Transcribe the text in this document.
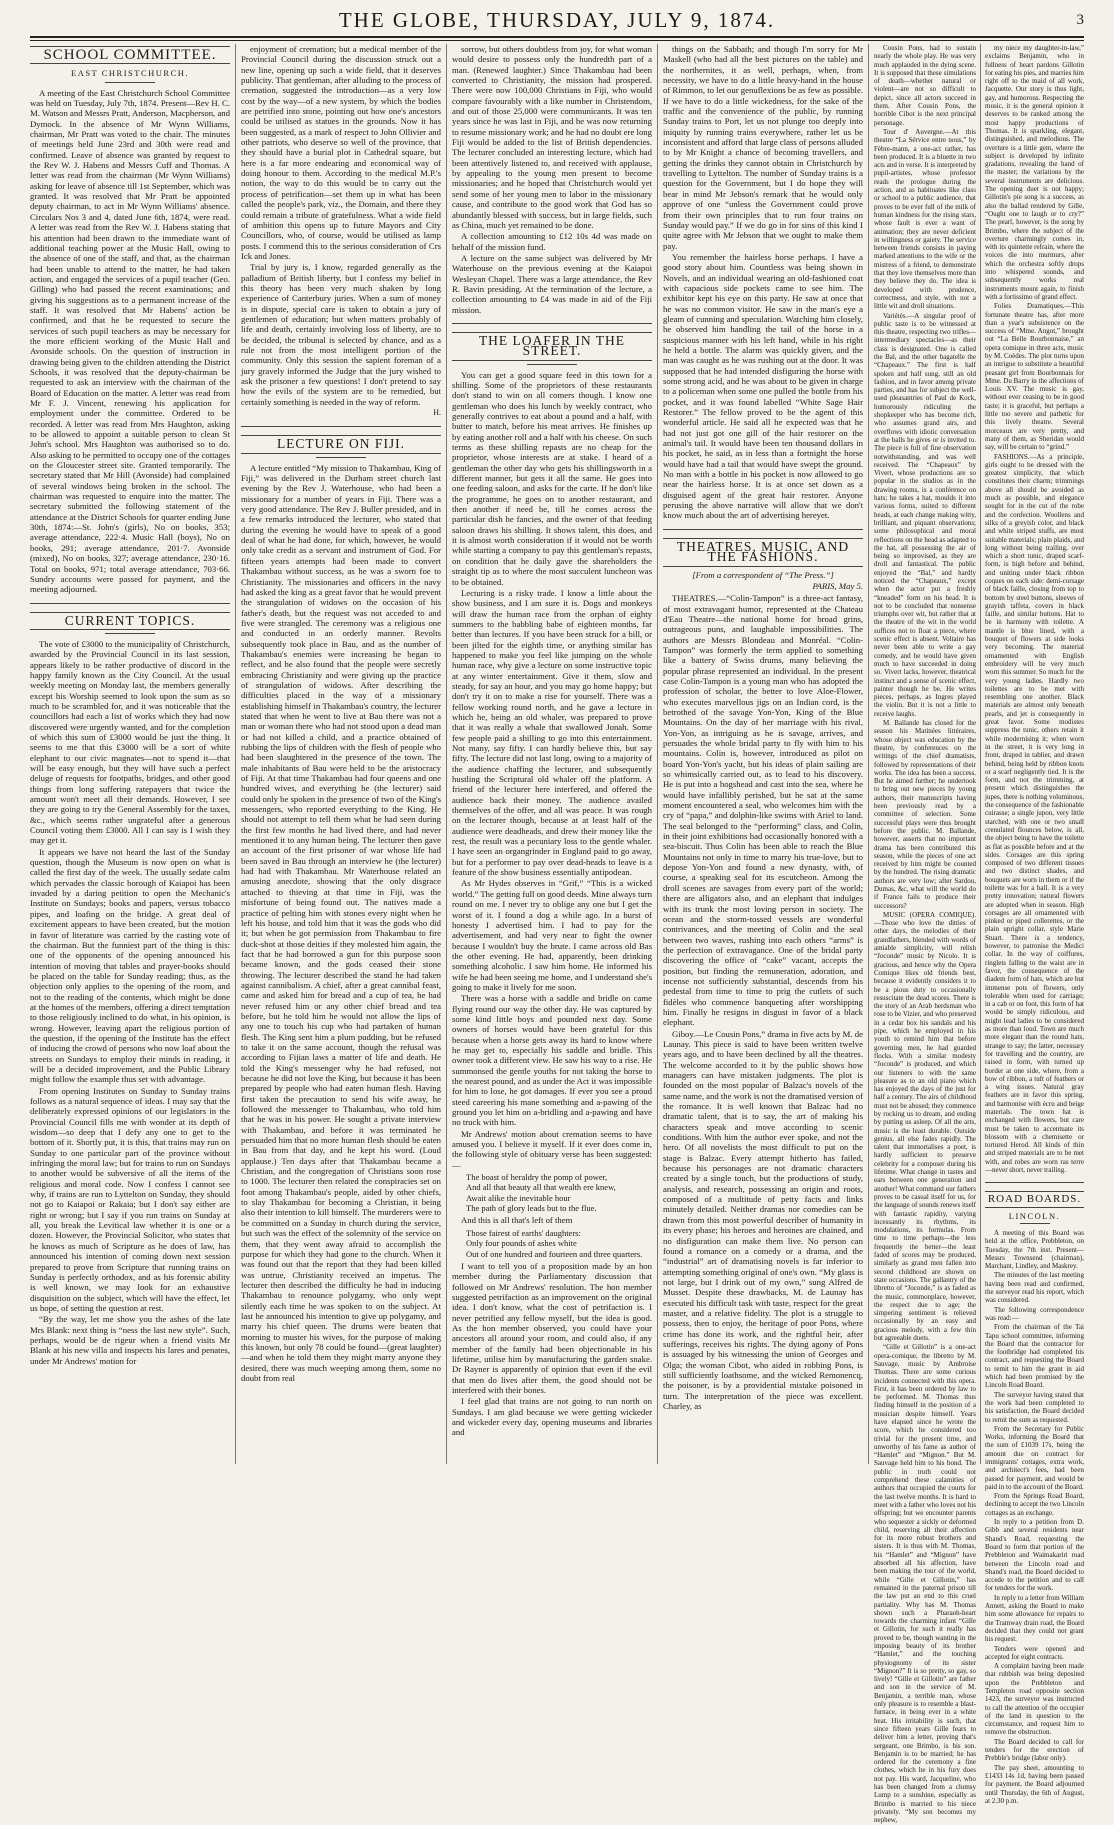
THE GLOBE, THURSDAY, JULY 9, 1874.	3
SCHOOL COMMITTEE.
EAST CHRISTCHURCH.

A meeting of the East Christchurch School Committee was held on Tuesday, July 7th, 1874. Present—Rev H. C. M. Watson and Messrs Pratt, Anderson, Macpherson, and Dymock. In the absence of Mr Wynn Williams, chairman, Mr Pratt was voted to the chair. The minutes of meetings held June 23rd and 30th were read and confirmed. Leave of absence was granted by request to the Rev W. J. Habens and Messrs Cuff and Thomas. A letter was read from the chairman (Mr Wynn Williams) asking for leave of absence till 1st September, which was granted. It was resolved that Mr Pratt be appointed deputy chairman, to act in Mr Wynn Williams' absence. Circulars Nos 3 and 4, dated June 6th, 1874, were read. A letter was read from the Rev W. J. Habens stating that his attention had been drawn to the immediate want of additional teaching power at the Music Hall, owing to the absence of one of the staff, and that, as the chairman had been unable to attend to the matter, he had taken action, and engaged the services of a pupil teacher (Geo. Gilling) who had passed the recent examinations; and giving his suggestions as to a permanent increase of the staff. It was resolved that Mr Habens' action be confirmed, and that he be requested to secure the services of such pupil teachers as may be necessary for the more efficient working of the Music Hall and Avonside schools. On the question of instruction in drawing being given to the children attending the District Schools, it was resolved that the deputy-chairman be requested to ask an interview with the chairman of the Board of Education on the matter. A letter was read from Mr F. J. Vincent, renewing his application for employment under the committee. Ordered to be recorded. A letter was read from Mrs Haughton, asking to be allowed to appoint a suitable person to clean St John's school. Mrs Haughton was authorised so to do. Also asking to be permitted to occupy one of the cottages on the Gloucester street site. Granted temporarily. The secretary stated that Mr Hill (Avonside) had complained of several windows being broken in the school. The chairman was requested to enquire into the matter. The secretary submitted the following statement of the attendance at the District Schools for quarter ending June 30th, 1874:—St. John's (girls), No on books, 353; average attendance, 222·4. Music Hall (boys), No on books, 291; average attendance, 201·7. Avonside (mixed), No on books, 327; average attendance, 230·16. Total on books, 971; total average attendance, 703·66. Sundry accounts were passed for payment, and the meeting adjourned.

CURRENT TOPICS.

The vote of £3000 to the municipality of Christchurch, awarded by the Provincial Council in its last session, appears likely to be rather productive of discord in the happy family known as the City Council. At the usual weekly meeting on Monday last, the members generally except his Worship seemed to look upon the sum as so much to be scrambled for, and it was noticeable that the councillors had each a list of works which they had now discovered were urgently wanted, and for the completion of which this sum of £3000 would be just the thing. It seems to me that this £3000 will be a sort of white elephant to our civic magnates—not to spend it—that will be easy enough, but they will have such a perfect deluge of requests for footpaths, bridges, and other good things from long suffering ratepayers that twice the amount won't meet all their demands. However, I see they are going to try the General Assembly for the taxes, &c., which seems rather ungrateful after a generous Council voting them £3000. All I can say is I wish they may get it.

It appears we have not heard the last of the Sunday question, though the Museum is now open on what is called the first day of the week. The usually sedate calm which pervades the classic borough of Kaiapoi has been invaded by a daring petition to open the Mechanic's Institute on Sundays; books and papers, versus tobacco pipes, and loafing on the bridge. A great deal of excitement appears to have been created, but the motion in favor of literature was carried by the casting vote of the chairman. But the funniest part of the thing is this: one of the opponents of the opening announced his intention of moving that tables and prayer-books should be placed on the table for Sunday reading; thus, as the objection only applies to the opening of the room, and not to the reading of the contents, which might be done at the homes of the members, offering a direct temptation to those religiously inclined to do what, in his opinion, is wrong. However, leaving apart the religious portion of the question, if the opening of the Institute has the effect of inducing the crowd of persons who now loaf about the streets on Sundays to employ their minds in reading, it will be a decided improvement, and the Public Library might follow the example thus set with advantage.

From opening Institutes on Sunday to Sunday trains follows as a natural sequence of ideas. I may say that the deliberately expressed opinions of our legislators in the Provincial Council fills me with wonder at its depth of wisdom—so deep that I defy any one to get to the bottom of it. Shortly put, it is this, that trains may run on Sunday to one particular part of the province without infringing the moral law; but for trains to run on Sundays to another would be subversive of all the items of the religious and moral code. Now I confess I cannot see why, if trains are run to Lyttelton on Sunday, they should not go to Kaiapoi or Rakaia; but I don't say either are right or wrong; but I say if you run trains on Sunday at all, you break the Levitical law whether it is one or a dozen. However, the Provincial Solicitor, who states that he knows as much of Scripture as he does of law, has announced his intention of coming down next session prepared to prove from Scripture that running trains on Sunday is perfectly orthodox, and as his forensic ability is well known, we may look for an exhaustive disquisition on the subject, which will have the effect, let us hope, of setting the question at rest.

“By the way, let me show you the ashes of the late Mrs Blank: next thing is “ness the last new style”. Such, perhaps, would be de rigeur when a friend visits Mr Blank at his new villa and inspects his lares and penates, under Mr Andrews' motion for

enjoyment of cremation; but a medical member of the Provincial Council during the discussion struck out a new line, opening up such a wide field, that it deserves publicity. That gentleman, after alluding to the process of cremation, suggested the introduction—as a very low cost by the way—of a new system, by which the bodies are petrified into stone, pointing out how one's ancestors could be utilised as statues in the grounds. Now it has been suggested, as a mark of respect to John Ollivier and other patriots, who deserve so well of the province, that they should have a burial plot in Cathedral square, but here is a far more endearing and economical way of doing honour to them. According to the medical M.P.'s notion, the way to do this would be to carry out the process of petrification—set them up in what has been called the people's park, viz., the Domain, and there they could remain a tribute of gratefulness. What a wide field of ambition this opens up to future Mayors and City Councillors, who, of course, would be utilised as lamp posts. I commend this to the serious consideration of Crs Ick and Jones.

Trial by jury is, I know, regarded generally as the palladium of British liberty, but I confess my belief in this theory has been very much shaken by long experience of Canterbury juries. When a sum of money is in dispute, special care is taken to obtain a jury of gentlemen of education; but when matters probably of life and death, certainly involving loss of liberty, are to be decided, the tribunal is selected by chance, and as a rule not from the most intelligent portion of the community. Only this session the sapient foreman of a jury gravely informed the Judge that the jury wished to ask the prisoner a few questions! I don't pretend to say how the evils of the system are to be remedied, but certainly something is needed in the way of reform.

H.
LECTURE ON FIJI.

A lecture entitled “My mission to Thakambau, King of Fiji,” was delivered in the Durham street church last evening by the Rev J. Waterhouse, who had been a missionary for a number of years in Fiji. There was a very good attendance. The Rev J. Buller presided, and in a few remarks introduced the lecturer, who stated that during the evening he would have to speak of a good deal of what he had done, for which, however, he would only take credit as a servant and instrument of God. For fifteen years attempts had been made to convert Thakambau without success, as he was a sworn foe to Christianity. The missionaries and officers in the navy had asked the king as a great favor that he would prevent the strangulation of widows on the occasion of his father's death, but the request was not acceded to and five were strangled. The ceremony was a religious one and conducted in an orderly manner. Revolts subsequently took place in Bau, and as the number of Thakambau's enemies were increasing he began to reflect, and he also found that the people were secretly embracing Christianity and were giving up the practice of strangulation of widows. After describing the difficulties placed in the way of a missionary establishing himself in Thakambau's country, the lecturer stated that when he went to live at Bau there was not a man or woman there who had not stood upon a dead man or had not killed a child, and a practice obtained of rubbing the lips of children with the flesh of people who had been slaughtered in the presence of the town. The male inhabitants of Bau were held to be the aristocracy of Fiji. At that time Thakambau had four queens and one hundred wives, and everything he (the lecturer) said could only be spoken in the presence of two of the King's messengers, who reported everything to the King. He should not attempt to tell them what he had seen during the first few months he had lived there, and had never mentioned it to any human being. The lecturer then gave an account of the first prisoner of war whose life had been saved in Bau through an interview he (the lecturer) had had with Thakambau. Mr Waterhouse related an amusing anecdote, showing that the only disgrace attached to thieving at that time in Fiji, was the misfortune of being found out. The natives made a practice of pelting him with stones every night when he left his house, and told him that it was the gods who did it; but when he got permission from Thakambau to fire duck-shot at those deities if they molested him again, the fact that he had borrowed a gun for this purpose soon became known, and the gods ceased their stone throwing. The lecturer described the stand he had taken against cannibalism. A chief, after a great cannibal feast, came and asked him for bread and a cup of tea, he had never refused him or any other chief bread and tea before, but he told him he would not allow the lips of any one to touch his cup who had partaken of human flesh. The King sent him a plum pudding, but he refused to take it on the same account, though the refusal was according to Fijian laws a matter of life and death. He told the King's messenger why he had refused, not because he did not love the King, but because it has been prepared by people who had eaten human flesh. Having first taken the precaution to send his wife away, he followed the messenger to Thakambau, who told him that he was in his power. He sought a private interview with Thakambau, and before it was terminated he persuaded him that no more human flesh should be eaten in Bau from that day, and he kept his word. (Loud applause.) Ten days after that Thakambau became a Christian, and the congregation of Christians soon rose to 1000. The lecturer then related the conspiracies set on foot among Thakambau's people, aided by other chiefs, to slay Thakambau for becoming a Christian, it being also their intention to kill himself. The murderers were to be committed on a Sunday in church during the service, but such was the effect of the solemnity of the service on them, that they went away afraid to accomplish the purpose for which they had gone to the church. When it was found out that the report that they had been killed was untrue, Christianity received an impetus. The lecturer then described the difficulty he had in inducing Thakambau to renounce polygamy, who only wept silently each time he was spoken to on the subject. At last he announced his intention to give up polygamy, and marry his chief queen. The drums were beaten that morning to muster his wives, for the purpose of making this known, but only 78 could be found—(great laughter)—and when he told them they might marry anyone they desired, there was much weeping among them, some no doubt from real

sorrow, but others doubtless from joy, for what woman would desire to possess only the hundredth part of a man. (Renewed laughter.) Since Thakambau had been converted to Christianity, the mission had prospered. There were now 100,000 Christians in Fiji, who would compare favourably with a like number in Christendom, and out of those 25,000 were communicants. It was ten years since he was last in Fiji, and he was now returning to resume missionary work; and he had no doubt ere long Fiji would be added to the list of British dependencies. The lecturer concluded an interesting lecture, which had been attentively listened to, and received with applause, by appealing to the young men present to become missionaries; and he hoped that Christchurch would yet send some of her young men to labor in the missionary cause, and contribute to the good work that God has so abundantly blessed with success, but in large fields, such as China, much yet remained to be done.

A collection amounting to £12 10s 4d was made on behalf of the mission fund.

A lecture on the same subject was delivered by Mr Waterhouse on the previous evening at the Kaiapoi Wesleyan Chapel. There was a large attendance, the Rev R. Bavin presiding. At the termination of the lecture, a collection amounting to £4 was made in aid of the Fiji mission.

THE LOAFER IN THE STREET.

You can get a good square feed in this town for a shilling. Some of the proprietors of these restaurants don't stand to win on all comers though. I know one gentleman who does his lunch by weekly contract, who generally contrives to eat about a pound and a half, with butter to match, before his meat arrives. He finishes up by eating another roll and a half with his cheese. On such terms as these shilling repasts are no cheap for the proprietor, whose interests are at stake. I heard of a gentleman the other day who gets his shillingsworth in a different manner, but gets it all the same. He goes into one feeding saloon, and asks for the carte. If he don't like the programme, he goes on to another restaurant, and then another if need be, till he comes across the particular dish he fancies, and the owner of that feeding saloon draws his shilling. It shows talent, this does, and it is almost worth consideration if it would not be worth while starting a company to pay this gentleman's repasts, on condition that he daily gave the shareholders the straight tip as to where the most succulent luncheon was to be obtained.

Lecturing is a risky trade. I know a little about the show business, and I am sure it is. Dogs and monkeys will draw the human race from the orphan of eighty summers to the babbling babe of eighteen months, far better than lectures. If you have been struck for a bill, or been jilted for the eighth time, or anything similar has happened to make you feel like jumping on the whole human race, why give a lecture on some instructive topic at any winter entertainment. Give it them, slow and steady, for say an hour, and you may go home happy; but don't try it on to make a rise for yourself. There was a fellow working round north, and he gave a lecture in which he, being an old whaler, was prepared to prove that it was really a whale that swallowed Jonah. Some few people paid a shilling to go into this entertainment. Not many, say fifty. I can hardly believe this, but say fifty. The lecture did not last long, owing to a majority of the audience chaffing the lecturer, and subsequently hustling the Scriptural old whaler off the platform. A friend of the lecturer here interfered, and offered the audience back their money. The audience availed themselves of the offer, and all was peace. It was rough on the lecturer though, because at at least half of the audience were deadheads, and drew their money like the rest, the result was a pecuniary loss to the gentle whaler. I have seen an organgrinder in England paid to go away, but for a performer to pay over dead-heads to leave is a feature of the show business essentially antipodean.

As Mr Hydes observes in “Grif,” “This is a wicked world.” The getting full on good deeds. Mine always turn round on me. I never try to oblige any one but I get the worst of it. I found a dog a while ago. In a burst of honesty I advertised him. I had to pay for the advertisement, and had very near to fight the owner because I wouldn't buy the brute. I came across old Bas the other evening. He had, apparently, been drinking something alcoholic. I saw him home. He informed his wife he had been seeing me home, and I understand she's going to make it lively for me soon.

There was a horse with a saddle and bridle on came flying round our way the other day. He was captured by some kind little boys and pounded next day. Some owners of horses would have been grateful for this because when a horse gets away its hard to know where he may get to, especially his saddle and bridle. This owner took a different view. He saw his way to a rise. He summonsed the gentle youths for not taking the horse to the nearest pound, and as under the Act it was impossible for him to lose, he got damages. If ever you see a proud steed careering his mane something and a-pawing of the ground you let him on a-bridling and a-pawing and have no truck with him.

Mr Andrews' motion about cremation seems to have amused you. I believe it myself. If it ever does come in, the following style of obituary verse has been suggested:—

The boast of heraldry the pomp of power,
And all that beauty all that wealth ere knew,
Await alike the inevitable hour
The path of glory leads but to the flue.

And this is all that's left of them

Those fairest of earths' daughters:
Only four pounds of ashes white
Out of one hundred and fourteen and three quarters.

I want to tell you of a proposition made by an hon member during the Parliamentary discussion that followed on Mr Andrews' resolution. The hon member suggested petrifaction as an improvement on the original idea. I don't know, what the cost of petrifaction is. I never petrified any fellow myself, but the idea is good. As the hon member observed, you could have your ancestors all around your room, and could also, if any member of the family had been objectionable in his lifetime, utilise him by manufacturing the garden snake. Dr Rayner is apparently of opinion that even if the evil that men do lives after them, the good should not be interfered with their bones.

I feel glad that trains are not going to run north on Sundays. I am glad because we were getting wickeder and wickeder every day, opening museums and libraries and

things on the Sabbath; and though I'm sorry for Mr Maskell (who had all the best pictures on the table) and the northernites, it as well, perhaps, when, from necessity, we have to do a little heavy-hand in the house of Rimmon, to let our genuflexions be as few as possible. If we have to do a little wickedness, for the sake of the traffic and the convenience of the public, by running Sunday trains to Port, let us not plunge too deeply into iniquity by running trains everywhere, rather let us be inconsistent and afford that large class of persons alluded to by Mr Knight a chance of becoming travellers, and getting the drinks they cannot obtain in Christchurch by travelling to Lyttelton. The number of Sunday trains is a question for the Government, but I do hope they will bear in mind Mr Jebson's remark that he would only approve of one “unless the Government could prove from their own principles that to run four trains on Sunday would pay.” If we do go in for sins of this kind I quite agree with Mr Jebson that we ought to make them pay.

You remember the hairless horse perhaps. I have a good story about him. Countless was being shown in Novels, and an individual wearing an old-fashioned coat with capacious side pockets came to see him. The exhibitor kept his eye on this party. He saw at once that he was no common visitor. He saw in the man's eye a gleam of cunning and speculation. Watching him closely, he observed him handling the tail of the horse in a suspicious manner with his left hand, while in his right he held a bottle. The alarm was quickly given, and the man was caught as he was rushing out at the door. It was supposed that he had intended disfiguring the horse with some strong acid, and he was about to be given in charge to a policeman when some one pulled the bottle from his pocket, and it was found labelled “White Sage Hair Restorer.” The fellow proved to be the agent of this wonderful article. He said all he expected was that he had not just got one gill of the hair restorer on the animal's tail. It would have been ten thousand dollars in his pocket, he said, as in less than a fortnight the horse would have had a tail that would have swept the ground. No man with a bottle in his pocket is now allowed to go near the hairless horse. It is at once set down as a disguised agent of the great hair restorer. Anyone perusing the above narrative will allow that we don't know much about the art of advertising hereyet.

THEATRES, MUSIC, AND THE FASHIONS.

[From a correspondent of “The Press.”]

PARIS, May 5.

THEATRES.—“Colin-Tampon” is a three-act fantasy, of most extravagant humor, represented at the Chateau d'Eau Theatre—the national home for broad grins, outrageous puns, and laughable impossibilities. The authors are Messrs Blondeau and Monréal. “Colin-Tampon” was formerly the term applied to something like a battery of Swiss drums, many believing the popular phrase represented an individual. In the present case Colin-Tampon is a young man who has adopted the profession of scholar, the better to love Aloe-Flower, who executes marvellous jigs on an Indian cord, is the betrothed of the savage Yon-Yon, King of the Blue Mountains. On the day of her marriage with his rival, Yon-Yon, as intriguing as he is savage, arrives, and persuades the whole bridal party to fly with him to his mountains. Colin is, however, introduced as pilot on board Yon-Yon's yacht, but his ideas of plain sailing are so whimsically carried out, as to lead to his discovery. He is put into a hogshead and cast into the sea, where he would have infallibly perished, but he sat at the same moment encountered a seal, who welcomes him with the cry of “papa,” and dolphin-like swims with Ariel to land. The seal belonged to the “performing” class, and Colin, in their joint exhibitions had occasionally honored with a sea-biscuit. Thus Colin has been able to reach the Blue Mountains not only in time to marry his true-love, but to depose Yon-Yon and found a new dynasty, with, of course, a speaking seal for its escutcheon. Among the droll scenes are savages from every part of the world; there are alligators also, and an elephant that indulges with its trunk the most loving person in society. The ocean and the storm-tossed vessels are wonderful contrivances, and the meeting of Colin and the seal between two waves, rushing into each others “arms” is the perfection of extravagance. One of the bridal party discovering the office of “cake” vacant, accepts the position, but finding the remuneration, adoration, and incense not sufficiently substantial, descends from his pedestal from time to time to prig the cutlets of such fidèles who commence banqueting after worshipping him. Finally he resigns in disgust in favor of a black elephant.

Giboy.—Le Cousin Pons,” drama in five acts by M. de Launay. This piece is said to have been written twelve years ago, and to have been declined by all the theatres. The welcome accorded to it by the public shows how managers can have mistaken judgments. The plot is founded on the most popular of Balzac's novels of the same name, and the work is not the dramatised version of the romance. It is well known that Balzac had no dramatic talent, that is to say, the art of making his characters speak and move according to scenic conditions. With him the author ever spoke, and not the hero. Of all novelists the most difficult to put on the stage is Balzac. Every attempt hitherto has failed, because his personages are not dramatic characters created by a single touch, but the productions of study, analysis, and research, possessing an origin and roots, composed of a multitude of petty facts and links minutely detailed. Neither dramas nor comedies can be drawn from this most powerful describer of humanity in its every phase; his heroes and heroines are chained, and no disfiguration can make them live. No person can found a romance on a comedy or a drama, and the “industrial” art of dramatising novels is far inferior to attempting something original of one's own. “My glass is not large, but I drink out of my own,” sung Alfred de Musset. Despite these drawbacks, M. de Launay has executed his difficult task with taste, respect for the great master, and a relative fidelity. The plot is a struggle to possess, then to enjoy, the heritage of poor Pons, where crime has done its work, and the rightful heir, after sufferings, receives his rights. The dying agony of Pons is assuaged by his witnessing the union of Georges and Olga; the woman Cibot, who aided in robbing Pons, is still sufficiently loathsome, and the wicked Remonencq, the poisoner, is by a providential mistake poisoned in turn. The interpretation of the piece was excellent. Charley, as

Cousin Pons, had to sustain nearly the whole play. He was very much applauded in the dying scene. It is supposed that these simulations of death—whether natural or violent—are not so difficult to depict, since all actors succeed in them. After Cousin Pons, the horrible Cibot is the next principal personage.

Tour d' Auvergne.—At this theatre “La Sérvice entre nous,” by Fèbre-mann, a one-act rather, has been produced. It is a bluette in two acts and in verse. It is interpreted by pupil-artistes, whose professor reads the prologue during the action, and as habituates like class or school to a public audience, that proves to be ever full of the milk of human kindness for the rising stars, whose fault is ever a want of animation; they are never deficient in willingness or gaiety. The service between friends consists in paying marked attentions to the wife or the mistress of a friend, to demonstrate that they love themselves more than they believe they do. The idea is developed with prudence, correctness, and style, with not a little wit and droll situations.

Variétés.—A singular proof of public taste is to be witnessed at this theatre, respecting two trifles—intermediary spectacles—as their class is designated. One is called the Bal, and the other bagatelle the “Chapeaux.” The first is half spoken and half sung, still an old fashion, and in favor among private parties, and has for subject the well-used pleasantries of Paul de Kock, humorously ridiculing the shopkeeper who has become rich, who assumes grand airs, and overflows with idiotic conversation at the balls he gives or is invited to. The piece is full of fine observation notwithstanding, and was well received. The “Chapeaux” by Vivert, whose productions are so popular in the studios as in the drawing rooms, is a conférence on hats; he takes a hat, moulds it into various forms, suited to different heads, at each change making witty, brilliant, and piquant observations; some philosophical and moral reflections on the head as adapted to the hat, all possessing the air of being so improvised, as they are droll and fantastical. The public enjoyed the “Bal,” and hardly noticed the “Chapeaux,” except when the actor put a freshly “kneaded” form on his head. It is not to be concluded that nonsense triumphs over wit, but rather that at the theatre of the wit in the world suffices not to float a piece, where scenic effect is absent. Voltaire has never been able to write a gay comedy, and he would have given much to have succeeded in doing so. Vivert lacks, however, theatrical instinct and a sense of scenic effect, painter though he be. He writes pieces, perhaps, as Ingres played the violin. But it is not a little to receive laughs.

M. Ballande has closed for the season his Matinées littéraires, whose object was education by the theatre, by conferences on the writings of the chief dramatists, followed by representations of their works. The idea has been a success. But he aimed further; he undertook to bring out new pieces by young authors, their manuscripts having been previously read by a committee of selection. Some successful plays were thus brought before the public. M. Ballande, however, asserts that no important drama has been contributed this season, while the pieces of one act received by him might be counted by the hundred. The rising dramatic authors are very low; after Sardou, Dumas, &c, what will the world do if France fails to produce their successors?

MUSIC (OPERA COMIQUE).—Those who love the ditties of other days, the melodies of their grandfathers, blended with words of amiable simplicity, will relish “Joconde” music by Nicolo. It is gracious, and hence why the Opera Comique likes old friends best, because it evidently considers it to be a pious duty to occasionally resuscitate the dead scores. There is the story of an Arab herdsman who rose to be Vizier, and who preserved in a cedar box his sandals and his pipe, which he employed in his youth to remind him that before governing men, he had guarded flocks. With a similar modesty “Joconde” is produced, and which our listeners to with the same pleasure as to an old piano which has enjoyed the days of the just for half a century. The airs of childhood must not be abused; they commence by rocking us to dream, and ending by putting us asleep. Of all the arts, music is the least durable. Outside genius, all else fades rapidly. The talent that immortalises a poet, is hardly sufficient to preserve celebrity for a composer during his lifetime. What change in tastes and ears between one generation and another! What command our fathers proves to be casual itself for us, for the language of sounds renews itself with fantastic rapidity, varying incessantly its rhythms, its modulations, its formulas. From time to time perhaps—the less frequently the better—the least faded of scores may be produced, similarly as grand men fallen into second childhood are shown on state occasions. The gallantry of the libretto of “Joconde,” is as faded as the music, commonplace, however, the respect due to age; the simpering sentiment is relieved occasionally by an easy and gracious melody, with a few thin but agreeable duets.

“Gille et Gillotin” is a one-act opera-comique, the libretto by M. Sauvage, music by Ambroise Thomas. There are some curious incidents connected with this opera. First, it has been ordered by law to be performed. M. Thomas thus finding himself in the position of a musician despite himself. Years have elapsed since he wrote the score, which he considered too trivial for the present time, and unworthy of his fame as author of “Hamlet” and “Mignon.” But M. Sauvage held him to his bond. The public in truth could not comprehend these calamities of authors that occupied the courts for the last twelve months. It is hard to meet with a father who loves not his offspring; but we encounter parents who sequester a sickly or deformed child, reserving all their affection for its more robust brothers and sisters. It is thus with M. Thomas, his “Hamlet” and “Mignon” have absorbed all his affection, have been making the tour of the world, while “Gille et Gillotin,” has remained in the paternal prison till the law put an end to this cruel partiality. Why has M. Thomas shown such a Pharaoh-heart towards the charming infant “Gille et Gillotin, for such it really has proved to be, though wanting in the imposing beauty of its brother “Hamlet,” and the touching physiognomy of its sister “Mignon?” It is so pretty, so gay, so lively! “Gille et Gillotin” are father and son in the service of M. Benjamin, a terrible man, whose only pleasure is to resemble a blast-furnace, in being ever in a white heat. His irritability is such, that since fifteen years Gille fears to deliver him a letter, proving that's sergeant, one Brimbo, is his son. Benjamin is to be married; he has ordered for the ceremony a fine clothes, which he in his fury does not pay. His ward, Jacqueline, who has been changed from a clumsy Lump to a sunshine, especially as Brimbo is married to his niece privately. “My son becomes my nephew,

my niece my daughter-in-law,” exclaims Benjamin, who in fullness of heart pardons Gillotin for eating his pies, and marries him right off to the maid of all work, Jacquette. Our story is thus light, gay, and humorous. Respecting the music, it is the general opinion it deserves to be ranked among the most happy productions of Thomas. It is sparkling, elegant, distinguished, and melodious. The overture is a little gem, where the subject is developed by infinite gradations, revealing the hand of the master; the variations by the several instruments are delicious. The opening duet is not happy; Gillotin's pie song is a success, as also the ballad rendered by Gille, “Ought one to laugh or to cry?” The pearl, however, is the song by Brimbo, where the subject of the overture charmingly comes in, with its quintette refrain, where the voices die into murmurs, after which the orchestra softly drops into whispered sounds, and subsequently works real instruments mount again, to finish with a fortissimo of grand effect.

Folies Dramatiques.—This fortunate theatre has, after more than a year's subsistence on the success of “Mme. Angot,” brought out “La Belle Bourbonnaise,” an opera comique in three acts, music by M. Coèdes. The plot turns upon an intrigue to substitute a beautiful peasant girl from Bourbonnais for Mme. Du Barry in the affections of Louis XV. The music is gay, without ever ceasing to be in good taste; it is graceful, but perhaps a little too severe and pathetic for this lively theatre. Several morceaux are very pretty, and many of them, as Sheridan would say, will be certain to “grind.”

FASHIONS.—As a principle, girls ought to be dressed with the greatest simplicity, that which constitutes their charm; trimmings above all should be avoided as much as possible, and elegance sought for in the cut of the robe and the confection. Woollens and silks of a greyish color, and black and white striped stuffs, are most suitable materials; plain plaids, and long without being trailing, over which a short tunic, draped scarf-form, is high before and behind, and uniting under black ribbon coques on each side: demi-corsage of black faille, closing from top to bottom by steel buttons, sleeves of grayish taffeta, covers in black faille, and similar buttons. Hat to be in harmony with toilette. A mantle is blue lined, with a bouquet of flowers at side looks very becoming. The material ornamented with English embroidery will be very much worn this summer. So much for the very young ladies. Hardly two toilettes are to be met with resembling one another. Black materials are almost only beneath pearls, and jet is consequently in great favor. Some modistes suppress the tunic, others retain it while modernising it; when worn in the street, it is very long in front, draped in tablier, and drawn behind, being held by ribbon knots or a scarf negligently tied. It is the form, and not the trimming, at present which distinguishes the jupes, there is nothing voluminous, the consequence of the fashionable cuirasse; a single jupon, very little starched, with one or two small crenulated flounces below, is all, the object being to have the toilette as flat as possible before and at the sides. Corsages are this spring composed of two different tissues and two distinct shades, and bouquets are worn in them or if the toilette was for a ball. It is a very pretty innovation; natural flowers are adopted when in season. High corsages are all ornamented with pinked or piped collerettes, or the plain upright collar, style Marie Stuart. There is a tendency, however, to patronise the Medici collar. In the way of coiffures, ringlets falling to the waist are in favor, the consequence of the diadem form of hats, which are but immense pots of flowers, only tolerable when used for carriage; in a cab or on foot, this form of hat would be simply ridiculous, and might lead ladies to be considered as more than loud. Town are much more elegant than the round hats, strange to say; the latter, necessary for travelling and the country, are raised in form, with turned up border at one side, where, from a bow of ribbon, a tuft of feathers or a wing issues. Natural gray feathers are in favor this spring, and harmonise with ècru and beige materials. The town hat is enchanged with flowers, but care must be taken to accentuate its blossom with a chemisette or tortured Herod. All kinds of thin and striped materials are to be met with, and robes are worn ras terre—never short, never trailing.

ROAD BOARDS.
LINCOLN.

A meeting of this Board was held at the office, Prebbleton, on Tuesday, the 7th inst. Present—Messrs Townsend (chairman), Marchant, Lindley, and Maskrey.

The minutes of the last meeting having been read and confirmed, the surveyor read his report, which was considered.

The following correspondence was read:—

From the chairman of the Tai Tapu school committee, informing the Board that the contractor for the footbridge had completed his contract, and requesting the Board to remit to him the grant in aid which had been promised by the Lincoln Road Board.

The surveyor having stated that the work had been completed to his satisfaction, the Board decided to remit the sum as requested.

From the Secretary for Public Works, informing the Board that the sum of £1039 17s, being the amount due on contract for immigrants' cottages, extra work, and architect's fees, had been passed for payment, and would be paid in to the account of the Board.

From the Springs Road Board, declining to accept the two Lincoln cottages as an exchange.

In reply to a petition from D. Gibb and several residents near Shand's Road, requesting the Board to form that portion of the Prebbleton and Waimakariri road between the Lincoln road and Shand's road, the Board decided to accede to the petition and to call for tenders for the work.

In reply to a letter from William Annett, asking the Board to make him some allowance for repairs to the Tramway drain road, the Board decided that they could not grant his request.

Tenders were opened and accepted for eight contracts.

A complaint having been made that rubbish was being deposited upon the Prebbleton and Templeton road opposite section 1423, the surveyor was instructed to call the attention of the occupier of the land in question to the circumstance, and request him to remove the obstruction.

The Board decided to call for tenders for the erection of Prebble's bridge (labor only).

The pay sheet, amounting to £1433 14s 1d, having been passed for payment, the Board adjourned until Thursday, the 6th of August, at 2.30 p.m.
